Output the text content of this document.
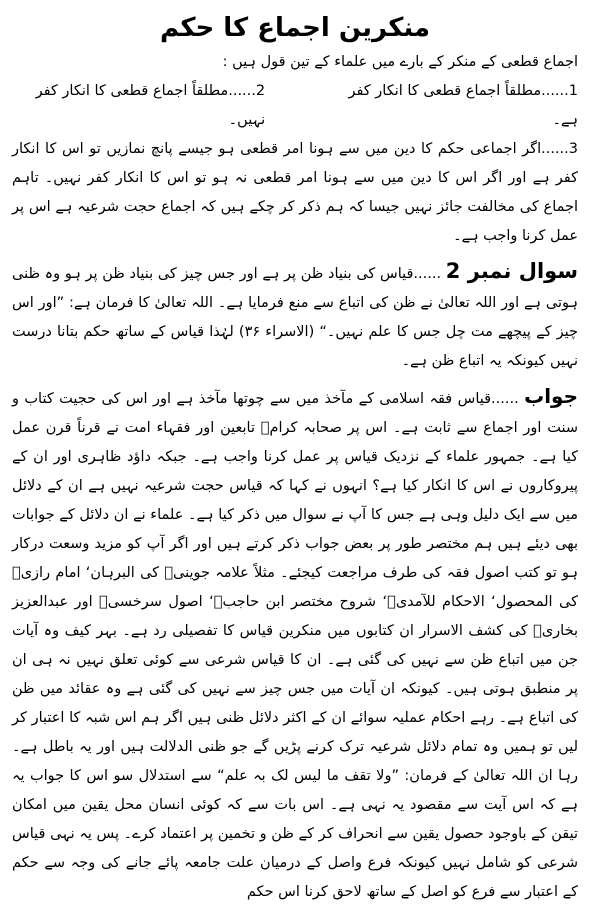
منکرین اجماع کا حکم

اجماع قطعی کے منکر کے بارے میں علماء کے تین قول ہیں :

1......مطلقاً اجماع قطعی کا انکار کفر ہے۔
2......مطلقاً اجماع قطعی کا انکار کفر نہیں۔

3......اگر اجماعی حکم کا دین میں سے ہونا امر قطعی ہو جیسے پانچ نمازیں تو اس کا انکار کفر ہے اور اگر اس کا دین میں سے ہونا امر قطعی نہ ہو تو اس کا انکار کفر نہیں۔ تاہم اجماع کی مخالفت جائز نہیں جیسا کہ ہم ذکر کر چکے ہیں کہ اجماع حجت شرعیہ ہے اس پر عمل کرنا واجب ہے۔

سوال نمبر 2 ......قیاس کی بنیاد ظن پر ہے اور جس چیز کی بنیاد ظن پر ہو وہ ظنی ہوتی ہے اور اللہ تعالیٰ نے ظن کی اتباع سے منع فرمایا ہے۔ اللہ تعالیٰ کا فرمان ہے: ”اور اس چیز کے پیچھے مت چل جس کا علم نہیں۔“ (الاسراء ۳۶) لہٰذا قیاس کے ساتھ حکم بتانا درست نہیں کیونکہ یہ اتباع ظن ہے۔

جواب ......قیاس فقہ اسلامی کے مآخذ میں سے چوتھا مآخذ ہے اور اس کی حجیت کتاب و سنت اور اجماع سے ثابت ہے۔ اس پر صحابہ کرامؓ تابعین اور فقہاء امت نے قرناً قرن عمل کیا ہے۔ جمہور علماء کے نزدیک قیاس پر عمل کرنا واجب ہے۔ جبکہ داؤد ظاہری اور ان کے پیروکاروں نے اس کا انکار کیا ہے؟ انہوں نے کہا کہ قیاس حجت شرعیہ نہیں ہے ان کے دلائل میں سے ایک دلیل وہی ہے جس کا آپ نے سوال میں ذکر کیا ہے۔ علماء نے ان دلائل کے جوابات بھی دیئے ہیں ہم مختصر طور پر بعض جواب ذکر کرتے ہیں اور اگر آپ کو مزید وسعت درکار ہو تو کتب اصول فقہ کی طرف مراجعت کیجئے۔ مثلاً علامہ جوینیؒ کی البرہان‘ امام رازیؒ کی المحصول‘ الاحکام للآمدیؒ‘ شروح مختصر ابن حاجبؒ‘ اصول سرخسیؒ اور عبدالعزیز بخاریؒ کی کشف الاسرار ان کتابوں میں منکرین قیاس کا تفصیلی رد ہے۔ بہر کیف وہ آیات جن میں اتباع ظن سے نہیں کی گئی ہے۔ ان کا قیاس شرعی سے کوئی تعلق نہیں نہ ہی ان پر منطبق ہوتی ہیں۔ کیونکہ ان آیات میں جس چیز سے نہیں کی گئی ہے وہ عقائد میں ظن کی اتباع ہے۔ رہے احکام عملیہ سوائے ان کے اکثر دلائل ظنی ہیں اگر ہم اس شبہ کا اعتبار کر لیں تو ہمیں وہ تمام دلائل شرعیہ ترک کرنے پڑیں گے جو ظنی الدلالت ہیں اور یہ باطل ہے۔ رہا ان اللہ تعالیٰ کے فرمان: ”ولا تقف ما لیس لک بہ علم“ سے استدلال سو اس کا جواب یہ ہے کہ اس آیت سے مقصود یہ نہی ہے۔ اس بات سے کہ کوئی انسان محل یقین میں امکان تیقن کے باوجود حصول یقین سے انحراف کر کے ظن و تخمین پر اعتماد کرے۔ پس یہ نہی قیاس شرعی کو شامل نہیں کیونکہ فرع واصل کے درمیان علت جامعہ پائے جانے کی وجہ سے حکم کے اعتبار سے فرع کو اصل کے ساتھ لاحق کرنا اس حکم
